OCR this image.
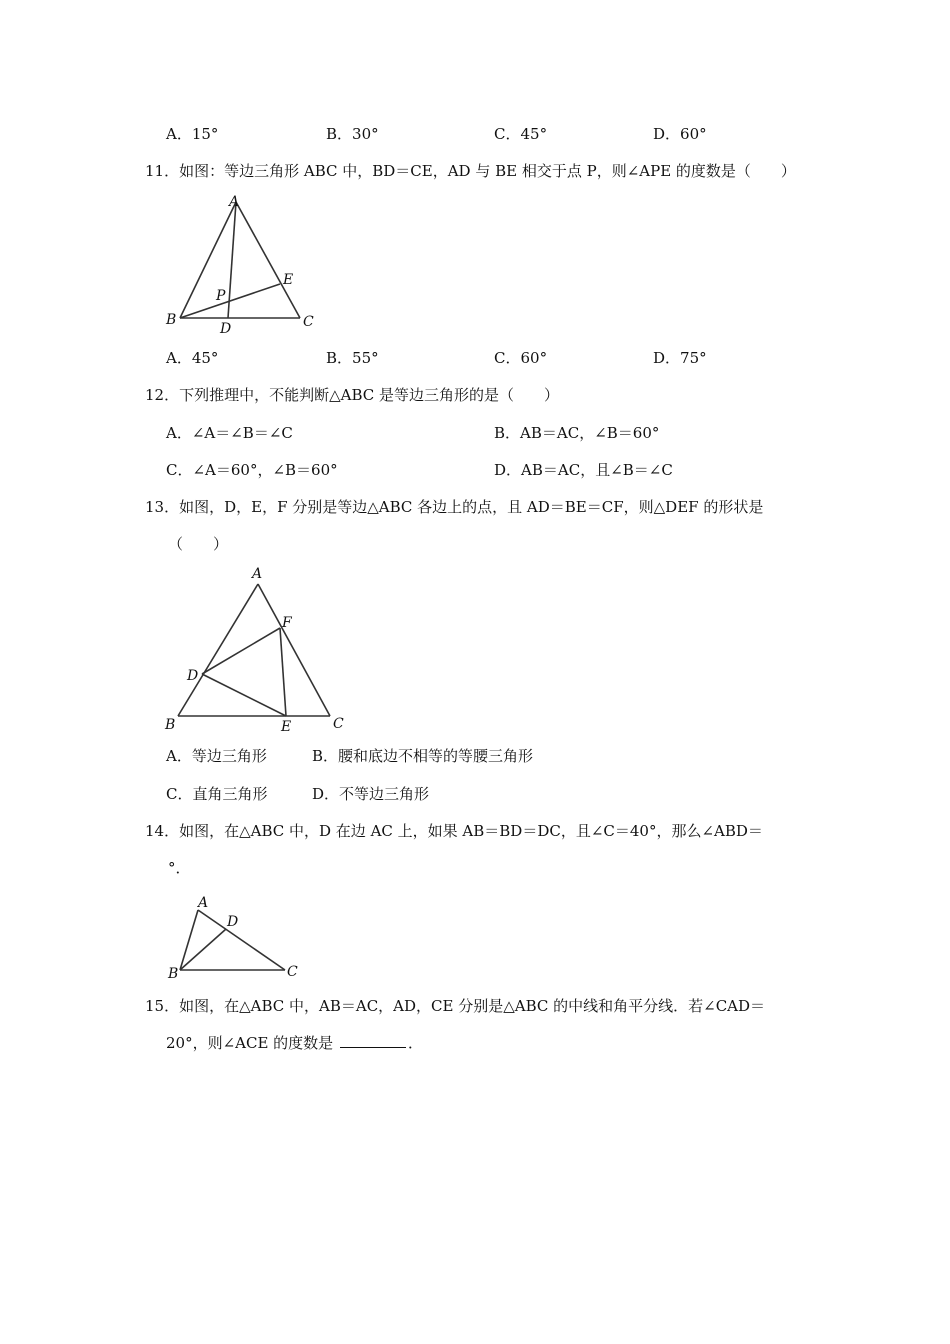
A．15°	B．30°	C．45°	D．60°
11．如图：等边三角形 ABC 中，BD＝CE，AD 与 BE 相交于点 P，则∠APE 的度数是（　　）
A
B	C
D
E
P
A．45°	B．55°	C．60°	D．75°
12．下列推理中，不能判断△ABC 是等边三角形的是（　　）
A．∠A＝∠B＝∠C	B．AB＝AC，∠B＝60°
C．∠A＝60°，∠B＝60°	D．AB＝AC，且∠B＝∠C
13．如图，D，E，F 分别是等边△ABC 各边上的点，且 AD＝BE＝CF，则△DEF 的形状是
（　　）
A
B	C
D
E
F
A．等边三角形	B．腰和底边不相等的等腰三角形
C．直角三角形	D．不等边三角形
14．如图，在△ABC 中，D 在边 AC 上，如果 AB＝BD＝DC，且∠C＝40°，那么∠ABD＝
°．
A
B	C
D
15．如图，在△ABC 中，AB＝AC，AD，CE 分别是△ABC 的中线和角平分线．若∠CAD＝
20°，则∠ACE 的度数是	．
